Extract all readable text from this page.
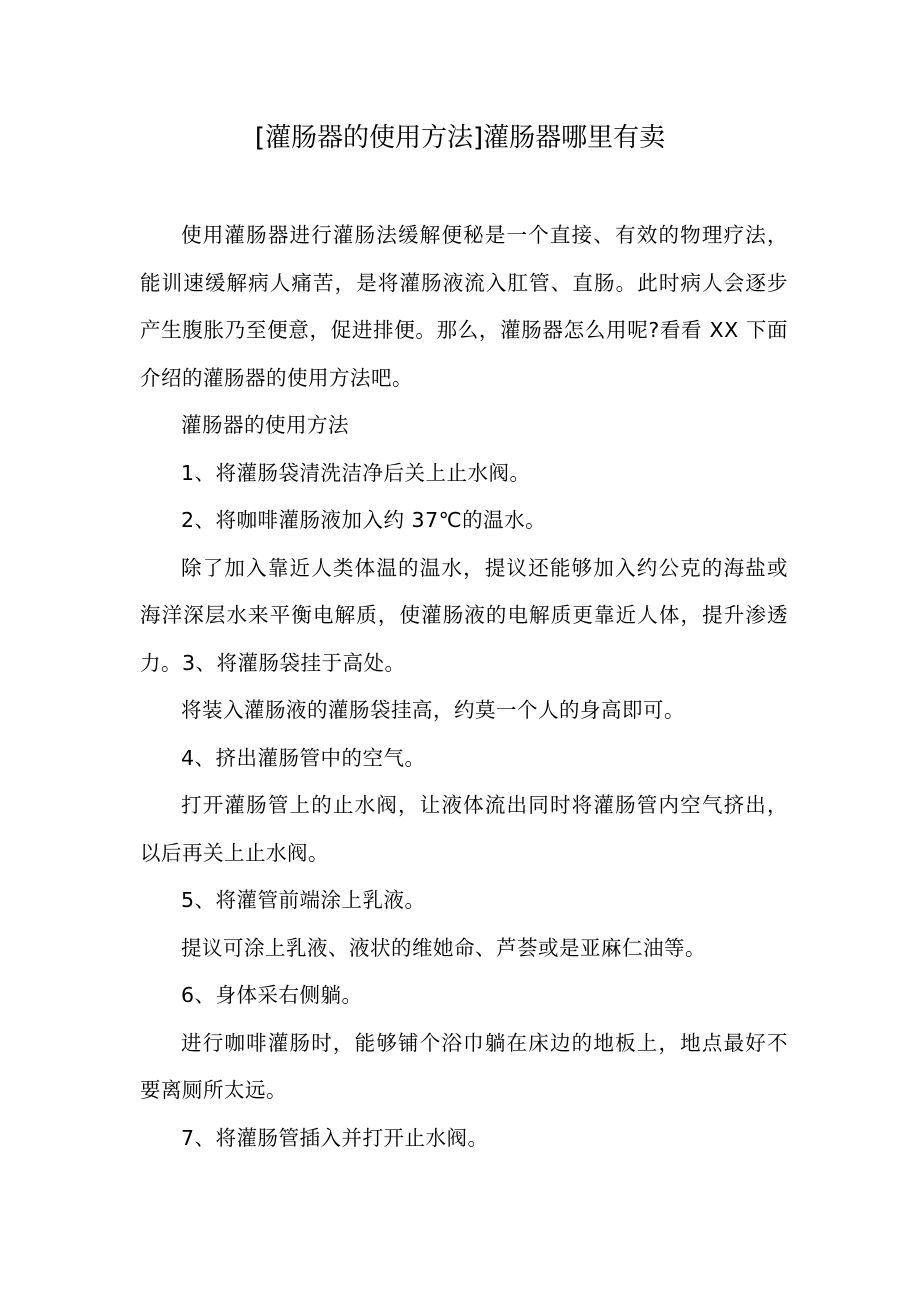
[灌肠器的使用方法]灌肠器哪里有卖

使用灌肠器进行灌肠法缓解便秘是一个直接、有效的物理疗法，能训速缓解病人痛苦，是将灌肠液流入肛管、直肠。此时病人会逐步产生腹胀乃至便意，促进排便。那么，灌肠器怎么用呢?看看 XX 下面介绍的灌肠器的使用方法吧。

灌肠器的使用方法

1、将灌肠袋清洗洁净后关上止水阀。

2、将咖啡灌肠液加入约 37℃的温水。

除了加入靠近人类体温的温水，提议还能够加入约公克的海盐或海洋深层水来平衡电解质，使灌肠液的电解质更靠近人体，提升渗透力。3、将灌肠袋挂于高处。

将装入灌肠液的灌肠袋挂高，约莫一个人的身高即可。

4、挤出灌肠管中的空气。

打开灌肠管上的止水阀，让液体流出同时将灌肠管内空气挤出，以后再关上止水阀。

5、将灌管前端涂上乳液。

提议可涂上乳液、液状的维她命、芦荟或是亚麻仁油等。

6、身体采右侧躺。

进行咖啡灌肠时，能够铺个浴巾躺在床边的地板上，地点最好不要离厕所太远。

7、将灌肠管插入并打开止水阀。
